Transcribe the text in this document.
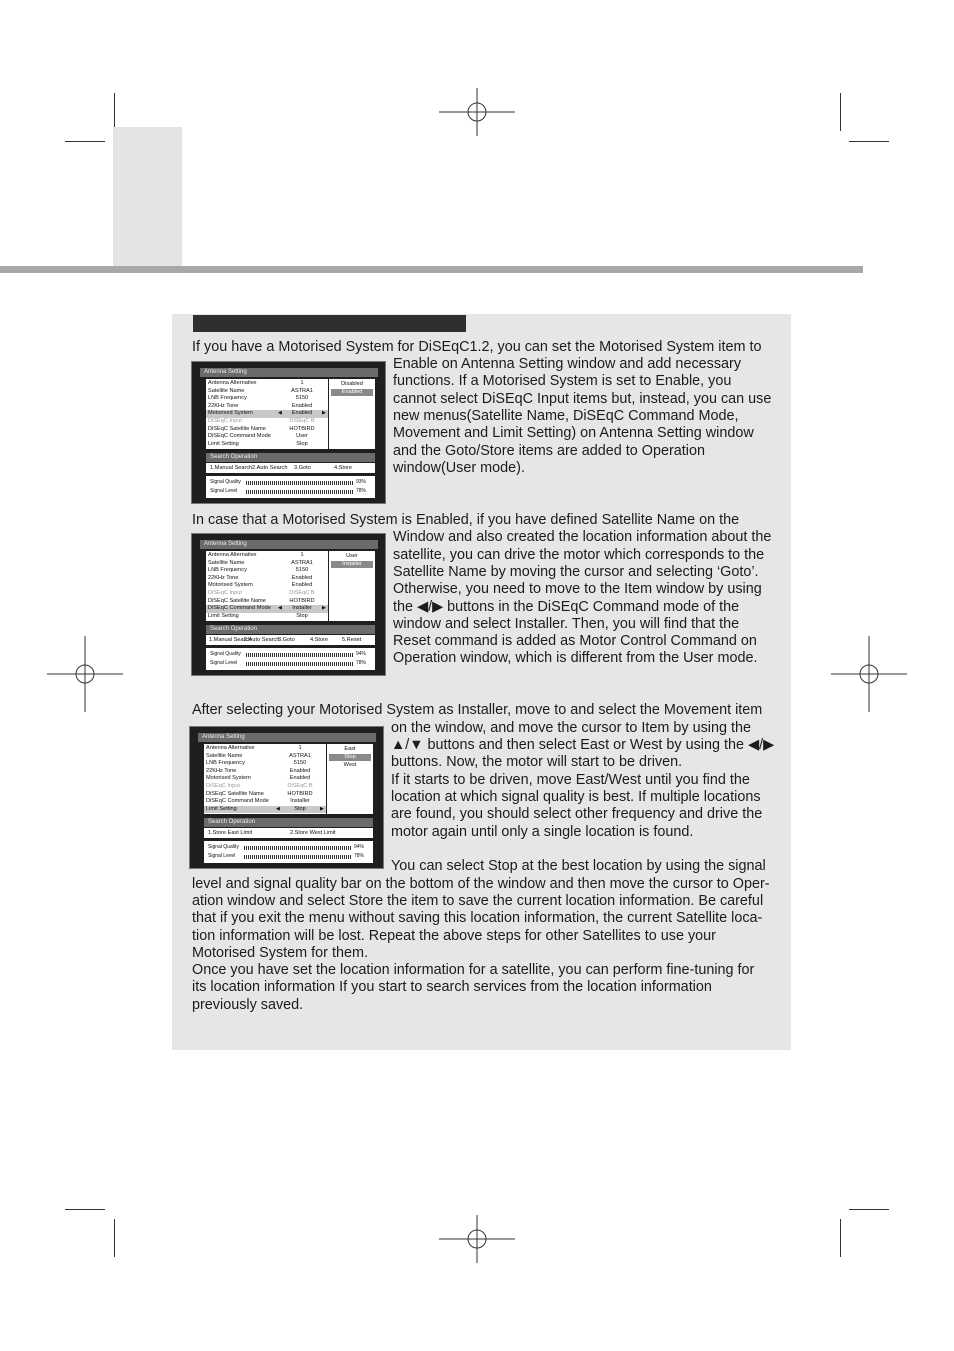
If you have a Motorised System for DiSEqC1.2, you can set the Motorised System item to

Enable on Antenna Setting window and add necessary

functions. If a Motorised System is set to Enable, you

cannot select DiSEqC Input items but, instead, you can use

new menus(Satellite Name, DiSEqC Command Mode,

Movement and Limit Setting) on Antenna Setting window

and the Goto/Store items are added to Operation

window(User mode).

In case that a Motorised System is Enabled, if you have defined Satellite Name on the

Window and also created the location information about the

satellite, you can drive the motor which corresponds to the

Satellite Name by moving the cursor and selecting ‘Goto’.

Otherwise, you need to move to the Item window by using

the ◀/▶ buttons in the DiSEqC Command mode of the

window and select Installer. Then, you will find that the

Reset command is added as Motor Control Command on

Operation window, which is different from the User mode.

After selecting your Motorised System as Installer, move to and select the Movement item

on the window, and move the cursor to Item by using the

▲/▼ buttons and then select East or West by using the ◀/▶

buttons. Now, the motor will start to be driven.

If it starts to be driven, move East/West until you find the

location at which signal quality is best. If multiple locations

are found, you should select other frequency and drive the

motor again until only a single location is found.

You can select Stop at the best location by using the signal

level and signal quality bar on the bottom of the window and then move the cursor to Oper-

ation window and select Store the item to save the current location information. Be careful

that if you exit the menu without saving this location information, the current Satellite loca-

tion information will be lost. Repeat the above steps for other Satellites to use your

Motorised System for them.

Once you have set the location information for a satellite, you can perform fine-tuning for

its location information If you start to search services from the location information

previously saved.

Antenna Setting
Antenna Alternative	1
Satellite Name	ASTRA1
LNB Frequency	5150
22KHz Tone	Enabled
Motorised System	◀	Enabled	▶
DiSEqC Input	DiSEqC B
DiSEqC Satellite Name	HOTBIRD
DiSEqC Command Mode	User
Limit Setting	Stop
Disabled
Enabled
Search Operation
1.Manual Search 2.Auto Search 3.Goto	4.Store
Signal Quality	93%
Signal Level	78%
Antenna Setting
Antenna Alternative	1
Satellite Name	ASTRA1
LNB Frequency	5150
22KHz Tone	Enabled
Motorised System	Enabled
DiSEqC Input	DiSEqC B
DiSEqC Satellite Name	HOTBIRD
DiSEqC Command Mode ◀	Installer	▶
Limit Setting	Stop
User
Installer
Search Operation
1.Manual Search
2.Auto Search
3.Goto	4.Store 5.Reset
Signal Quality	94%
Signal Level	78%
Antenna Setting
Antenna Alternative	1
Satellite Name	ASTRA1
LNB Frequency	5150
22KHz Tone	Enabled
Motorised System	Enabled
DiSEqC Input	DiSEqC B
DiSEqC Satellite Name	HOTBIRD
DiSEqC Command Mode	Installer
Limit Setting	◀	Stop	▶
East
Stop
West
Search Operation
1.Store East Limit	2.Store West Limit
Signal Quality	94%
Signal Level	78%
